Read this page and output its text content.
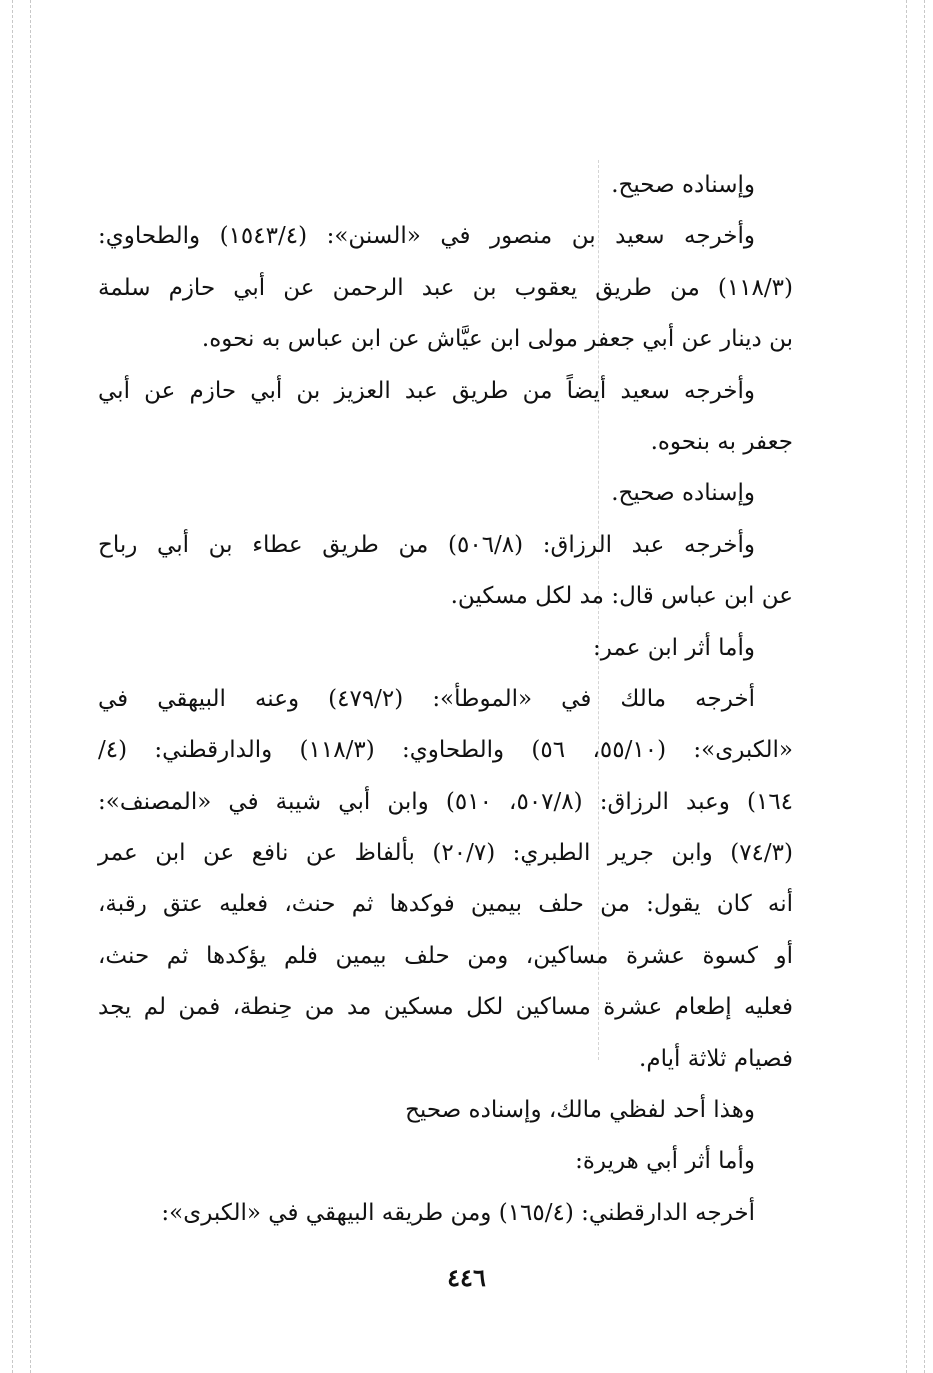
وإسناده صحيح.
وأخرجه سعيد بن منصور في «السنن»: (١٥٤٣/٤) والطحاوي:
(١١٨/٣) من طريق يعقوب بن عبد الرحمن عن أبي حازم سلمة
بن دينار عن أبي جعفر مولى ابن عيَّاش عن ابن عباس به نحوه.
وأخرجه سعيد أيضاً من طريق عبد العزيز بن أبي حازم عن أبي
جعفر به بنحوه.
وإسناده صحيح.
وأخرجه عبد الرزاق: (٥٠٦/٨) من طريق عطاء بن أبي رباح
عن ابن عباس قال: مد لكل مسكين.
وأما أثر ابن عمر:
أخرجه مالك في «الموطأ»: (٤٧٩/٢) وعنه البيهقي في
«الكبرى»: (٥٥/١٠، ٥٦) والطحاوي: (١١٨/٣) والدارقطني: (٤/
١٦٤) وعبد الرزاق: (٥٠٧/٨، ٥١٠) وابن أبي شيبة في «المصنف»:
(٧٤/٣) وابن جرير الطبري: (٢٠/٧) بألفاظ عن نافع عن ابن عمر
أنه كان يقول: من حلف بيمين فوكدها ثم حنث، فعليه عتق رقبة،
أو كسوة عشرة مساكين، ومن حلف بيمين فلم يؤكدها ثم حنث،
فعليه إطعام عشرة مساكين لكل مسكين مد من حِنطة، فمن لم يجد
فصيام ثلاثة أيام.
وهذا أحد لفظي مالك، وإسناده صحيح
وأما أثر أبي هريرة:
أخرجه الدارقطني: (١٦٥/٤) ومن طريقه البيهقي في «الكبرى»:
٤٤٦
